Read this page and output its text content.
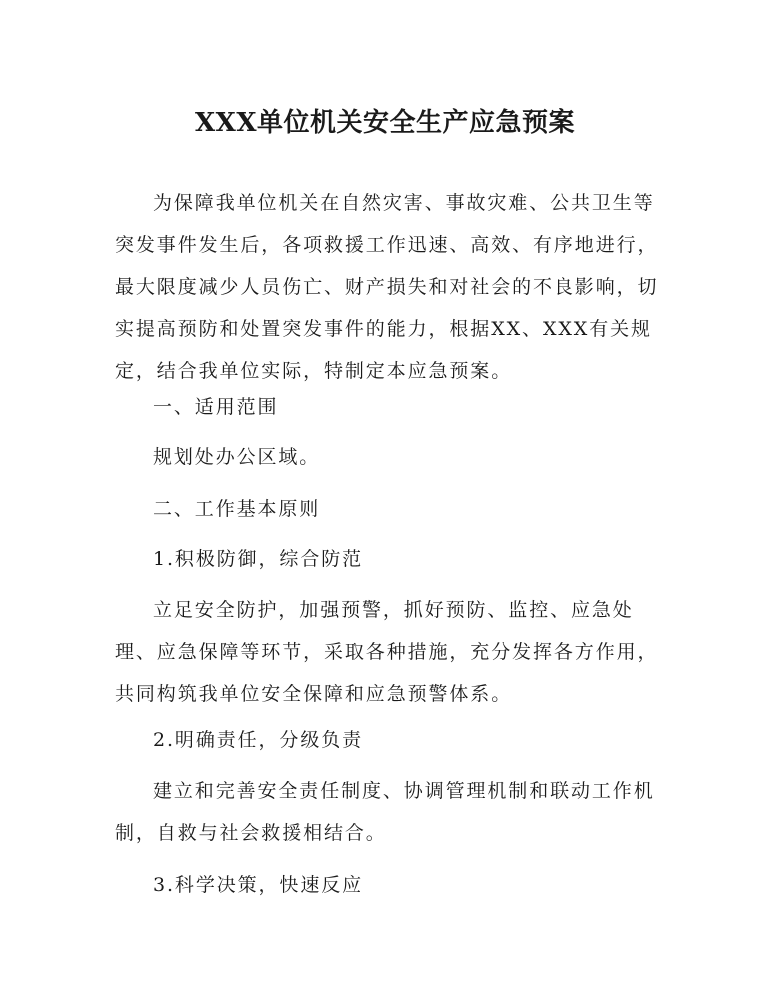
XXX单位机关安全生产应急预案

为保障我单位机关在自然灾害、事故灾难、公共卫生等突发事件发生后，各项救援工作迅速、高效、有序地进行，最大限度减少人员伤亡、财产损失和对社会的不良影响，切实提高预防和处置突发事件的能力，根据XX、XXX有关规定，结合我单位实际，特制定本应急预案。

一、适用范围

规划处办公区域。

二、工作基本原则

1.积极防御，综合防范

立足安全防护，加强预警，抓好预防、监控、应急处理、应急保障等环节，采取各种措施，充分发挥各方作用，共同构筑我单位安全保障和应急预警体系。

2.明确责任，分级负责

建立和完善安全责任制度、协调管理机制和联动工作机制，自救与社会救援相结合。

3.科学决策，快速反应
